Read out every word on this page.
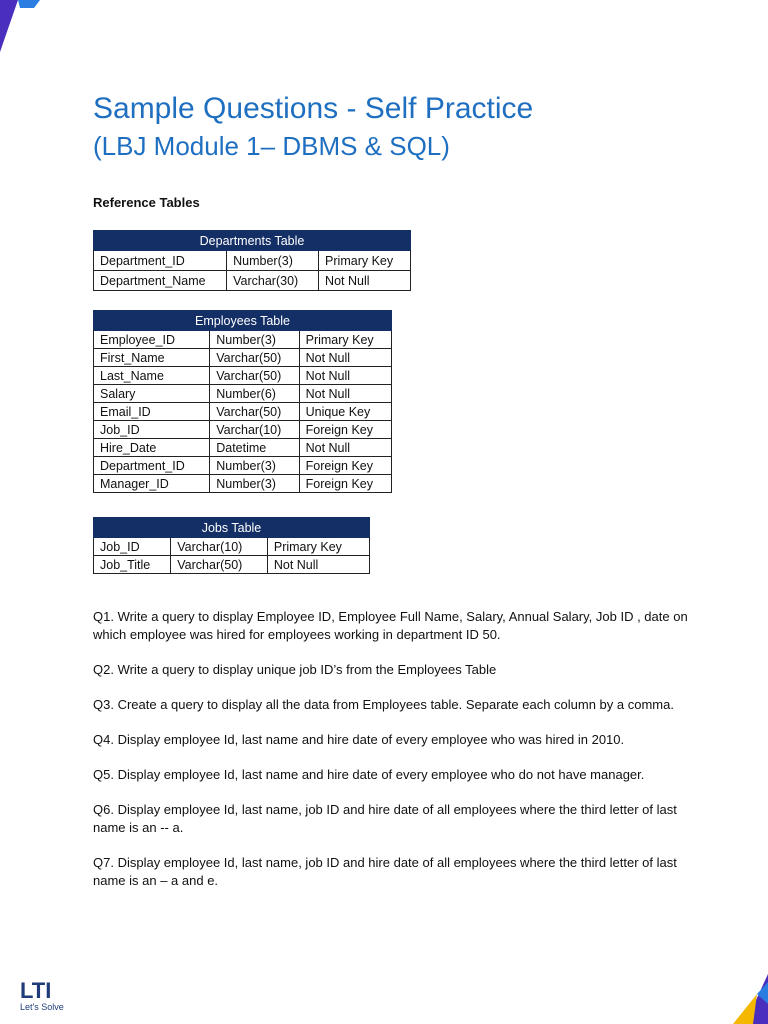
Sample Questions - Self Practice
(LBJ Module 1– DBMS & SQL)
Reference Tables
Departments Table		
Department_ID	Number(3)	Primary Key
Department_Name	Varchar(30)	Not Null
Employees Table		
Employee_ID	Number(3)	Primary Key
First_Name	Varchar(50)	Not Null
Last_Name	Varchar(50)	Not Null
Salary	Number(6)	Not Null
Email_ID	Varchar(50)	Unique Key
Job_ID	Varchar(10)	Foreign Key
Hire_Date	Datetime	Not Null
Department_ID	Number(3)	Foreign Key
Manager_ID	Number(3)	Foreign Key
Jobs Table		
Job_ID	Varchar(10)	Primary Key
Job_Title	Varchar(50)	Not Null

Q1. Write a query to display Employee ID, Employee Full Name, Salary, Annual Salary, Job ID , date on which employee was hired for employees working in department ID 50.

Q2. Write a query to display unique job ID’s from the Employees Table

Q3. Create a query to display all the data from Employees table. Separate each column by a comma.

Q4. Display employee Id, last name and hire date of every employee who was hired in 2010.

Q5. Display employee Id, last name and hire date of every employee who do not have manager.

Q6. Display employee Id, last name, job ID and hire date of all employees where the third letter of last name is an -- a.

Q7. Display employee Id, last name, job ID and hire date of all employees where the third letter of last name is an – a and e.

LTI
Let's Solve
